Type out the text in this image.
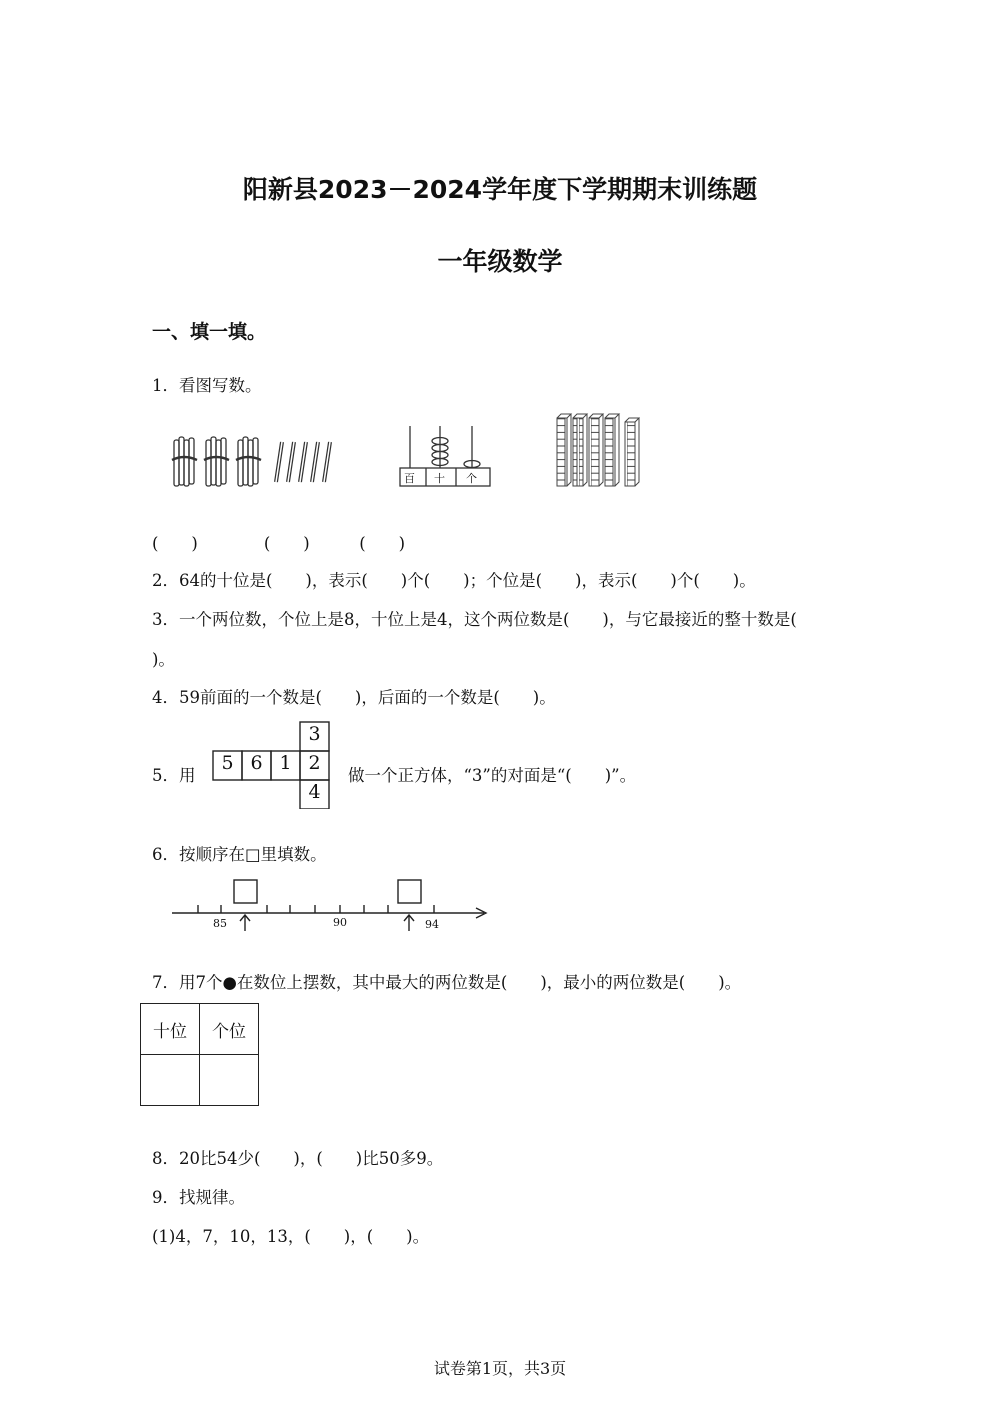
阳新县2023－2024学年度下学期期末训练题
一年级数学
一、填一填。
1．看图写数。
百 十 个
(　　)　　　　(　　)　　　(　　)
2．64的十位是(　　)，表示(　　)个(　　)；个位是(　　)，表示(　　)个(　　)。
3．一个两位数，个位上是8，十位上是4，这个两位数是(　　)，与它最接近的整十数是(
)。
4．59前面的一个数是(　　)，后面的一个数是(　　)。
5．用
5 6 1 2
3
4
做一个正方体，“3”的对面是“(　　)”。
6．按顺序在□里填数。
85	90	94
7．用7个●在数位上摆数，其中最大的两位数是(　　)，最小的两位数是(　　)。
十位	个位

8．20比54少(　　)，(　　)比50多9。
9．找规律。
(1)4，7，10，13，(　　)，(　　)。
试卷第1页，共3页
